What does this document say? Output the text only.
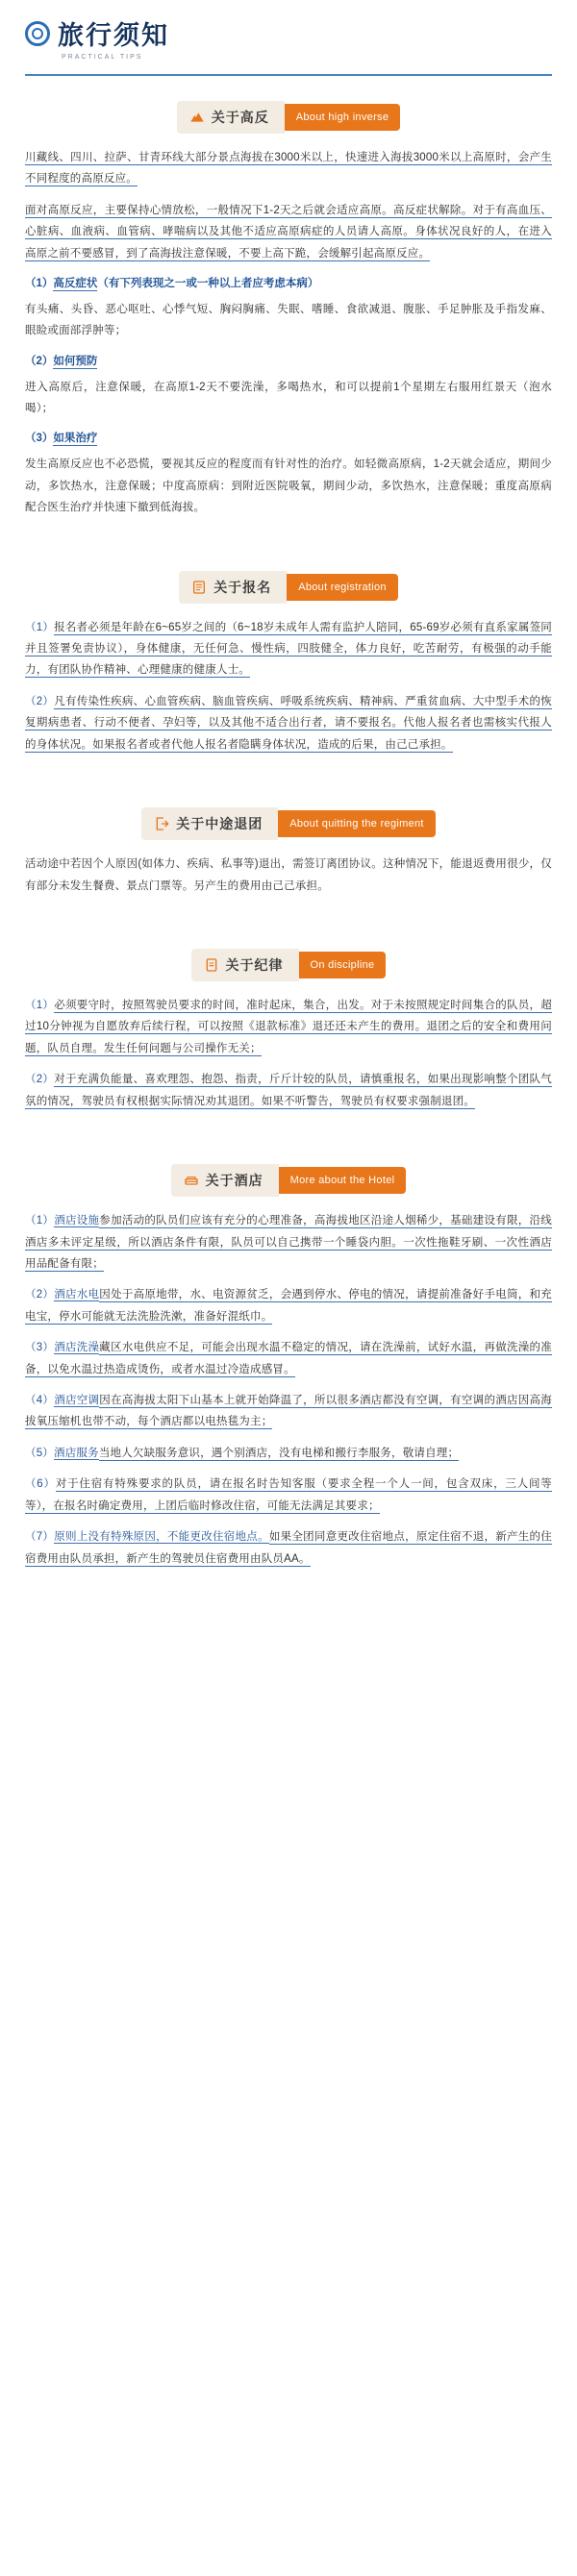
旅行须知
PRACTICAL TIPS
关于高反	About high inverse

川藏线、四川、拉萨、甘青环线大部分景点海拔在3000米以上，快速进入海拔3000米以上高原时，会产生不同程度的高原反应。

面对高原反应，主要保持心情放松，一般情况下1-2天之后就会适应高原。高反症状解除。对于有高血压、心脏病、血液病、血管病、哮喘病以及其他不适应高原病症的人员请人高原。身体状况良好的人，在进入高原之前不要感冒，到了高海拔注意保暖，不要上高下跪，会缓解引起高原反应。

（1）高反症状（有下列表现之一或一种以上者应考虑本病）

有头痛、头昏、恶心呕吐、心悸气短、胸闷胸痛、失眠、嗜睡、食欲减退、腹胀、手足肿胀及手指发麻、眼睑或面部浮肿等；

（2）如何预防

进入高原后，注意保暖，在高原1-2天不要洗澡，多喝热水，和可以提前1个星期左右服用红景天（泡水喝）；

（3）如果治疗

发生高原反应也不必恐慌，要视其反应的程度而有针对性的治疗。如轻微高原病，1-2天就会适应，期间少动，多饮热水，注意保暖；中度高原病：到附近医院吸氧，期间少动，多饮热水，注意保暖；重度高原病配合医生治疗并快速下撤到低海拔。

关于报名	About registration

（1）报名者必须是年龄在6~65岁之间的（6~18岁未成年人需有监护人陪同，65-69岁必须有直系家属签同并且签署免责协议），身体健康，无任何急、慢性病，四肢健全，体力良好，吃苦耐劳，有极强的动手能力，有团队协作精神、心理健康的健康人士。

（2）凡有传染性疾病、心血管疾病、脑血管疾病、呼吸系统疾病、精神病、严重贫血病、大中型手术的恢复期病患者、行动不便者、孕妇等，以及其他不适合出行者，请不要报名。代他人报名者也需核实代报人的身体状况。如果报名者或者代他人报名者隐瞒身体状况，造成的后果，由己己承担。

关于中途退团	About quitting the regiment

活动途中若因个人原因(如体力、疾病、私事等)退出，需签订离团协议。这种情况下，能退返费用很少，仅有部分未发生餐费、景点门票等。另产生的费用由己己承担。

关于纪律	On discipline

（1）必须要守时，按照驾驶员要求的时间，准时起床，集合，出发。对于未按照规定时间集合的队员，超过10分钟视为自愿放弃后续行程，可以按照《退款标准》退还还未产生的费用。退团之后的安全和费用问题，队员自理。发生任何问题与公司操作无关；

（2）对于充满负能量、喜欢理怨、抱怨、指责，斤斤计较的队员，请慎重报名，如果出现影响整个团队气氛的情况，驾驶员有权根据实际情况劝其退团。如果不听警告，驾驶员有权要求强制退团。

关于酒店	More about the Hotel

（1）酒店设施参加活动的队员们应该有充分的心理准备，高海拔地区沿途人烟稀少，基础建设有限，沿线酒店多未评定星级，所以酒店条件有限，队员可以自己携带一个睡袋内胆。一次性拖鞋牙刷、一次性酒店用品配备有限；

（2）酒店水电因处于高原地带，水、电资源贫乏，会遇到停水、停电的情况，请提前准备好手电筒，和充电宝，停水可能就无法洗脸洗漱，准备好混纸巾。

（3）酒店洗澡藏区水电供应不足，可能会出现水温不稳定的情况，请在洗澡前，试好水温，再做洗澡的准备，以免水温过热造成烫伤，或者水温过冷造成感冒。

（4）酒店空调因在高海拔太阳下山基本上就开始降温了，所以很多酒店都没有空调，有空调的酒店因高海拔氧压缩机也带不动，每个酒店都以电热毯为主；

（5）酒店服务当地人欠缺服务意识，遇个别酒店，没有电梯和搬行李服务，敬请自理；

（6）对于住宿有特殊要求的队员，请在报名时告知客服（要求全程一个人一间，包含双床，三人间等等），在报名时确定费用，上团后临时修改住宿，可能无法满足其要求；

（7）原则上没有特殊原因，不能更改住宿地点。如果全团同意更改住宿地点，原定住宿不退，新产生的住宿费用由队员承担，新产生的驾驶员住宿费用由队员AA。
